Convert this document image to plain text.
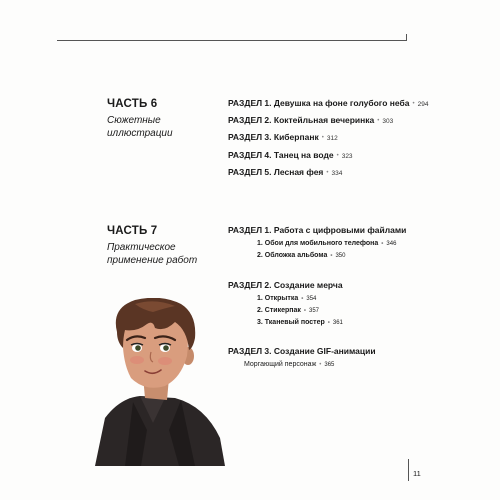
ЧАСТЬ 6
Сюжетные
иллюстрации
РАЗДЕЛ 1. Девушка на фоне голубого неба • 294
РАЗДЕЛ 2. Коктейльная вечеринка • 303
РАЗДЕЛ 3. Киберпанк • 312
РАЗДЕЛ 4. Танец на воде • 323
РАЗДЕЛ 5. Лесная фея • 334
ЧАСТЬ 7
Практическое
применение работ
РАЗДЕЛ 1. Работа с цифровыми файлами
1. Обои для мобильного телефона • 346
2. Обложка альбома • 350
РАЗДЕЛ 2. Создание мерча
1. Открытка • 354
2. Стикерпак • 357
3. Тканевый постер • 361
РАЗДЕЛ 3. Создание GIF-анимации
Моргающий персонаж • 365
11
